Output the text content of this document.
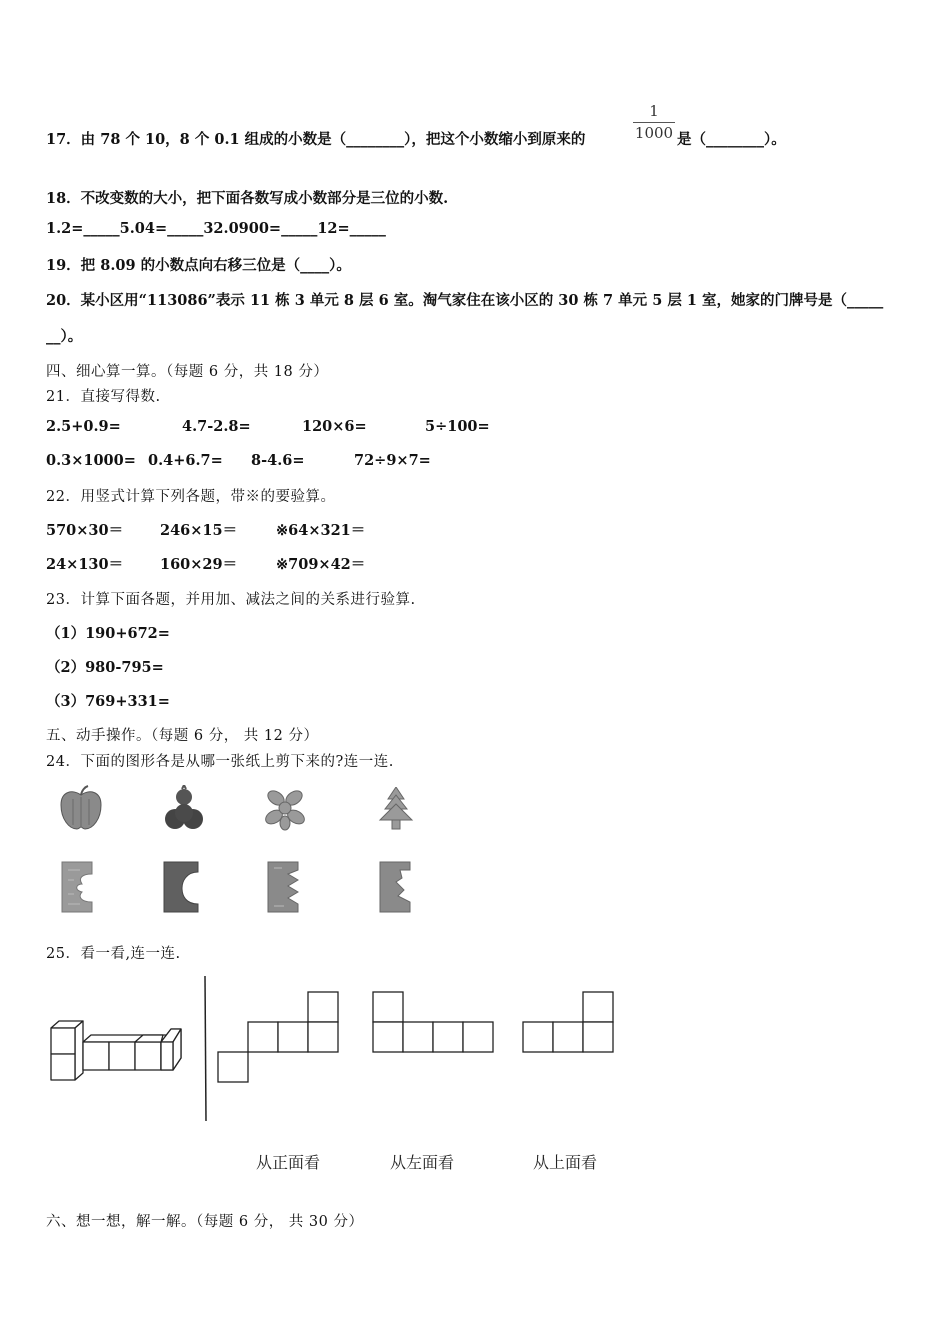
17．由 78 个 10，8 个 0.1 组成的小数是（________），把这个小数缩小到原来的
1
1000 是（________）。
18．不改变数的大小，把下面各数写成小数部分是三位的小数.
1.2=_____5.04=_____32.0900=_____12=_____
19．把 8.09 的小数点向右移三位是（____）。
20．某小区用“113086”表示 11 栋 3 单元 8 层 6 室。淘气家住在该小区的 30 栋 7 单元 5 层 1 室，她家的门牌号是（_____
__）。
四、细心算一算。（每题 6 分，共 18 分）
21．直接写得数.
2.5+0.9=	4.7-2.8=	120×6=	5÷100=
0.3×1000= 0.4+6.7= 8-4.6=	72÷9×7=
22．用竖式计算下列各题，带※的要验算。
570×30＝	246×15＝	※64×321＝
24×130＝	160×29＝	※709×42＝
23．计算下面各题，并用加、减法之间的关系进行验算.
（1）190+672=
（2）980-795=
（3）769+331=
五、动手操作。（每题 6 分， 共 12 分）
24．下面的图形各是从哪一张纸上剪下来的?连一连.
25．看一看,连一连.
从正面看	从左面看	从上面看
六、想一想，解一解。（每题 6 分， 共 30 分）
